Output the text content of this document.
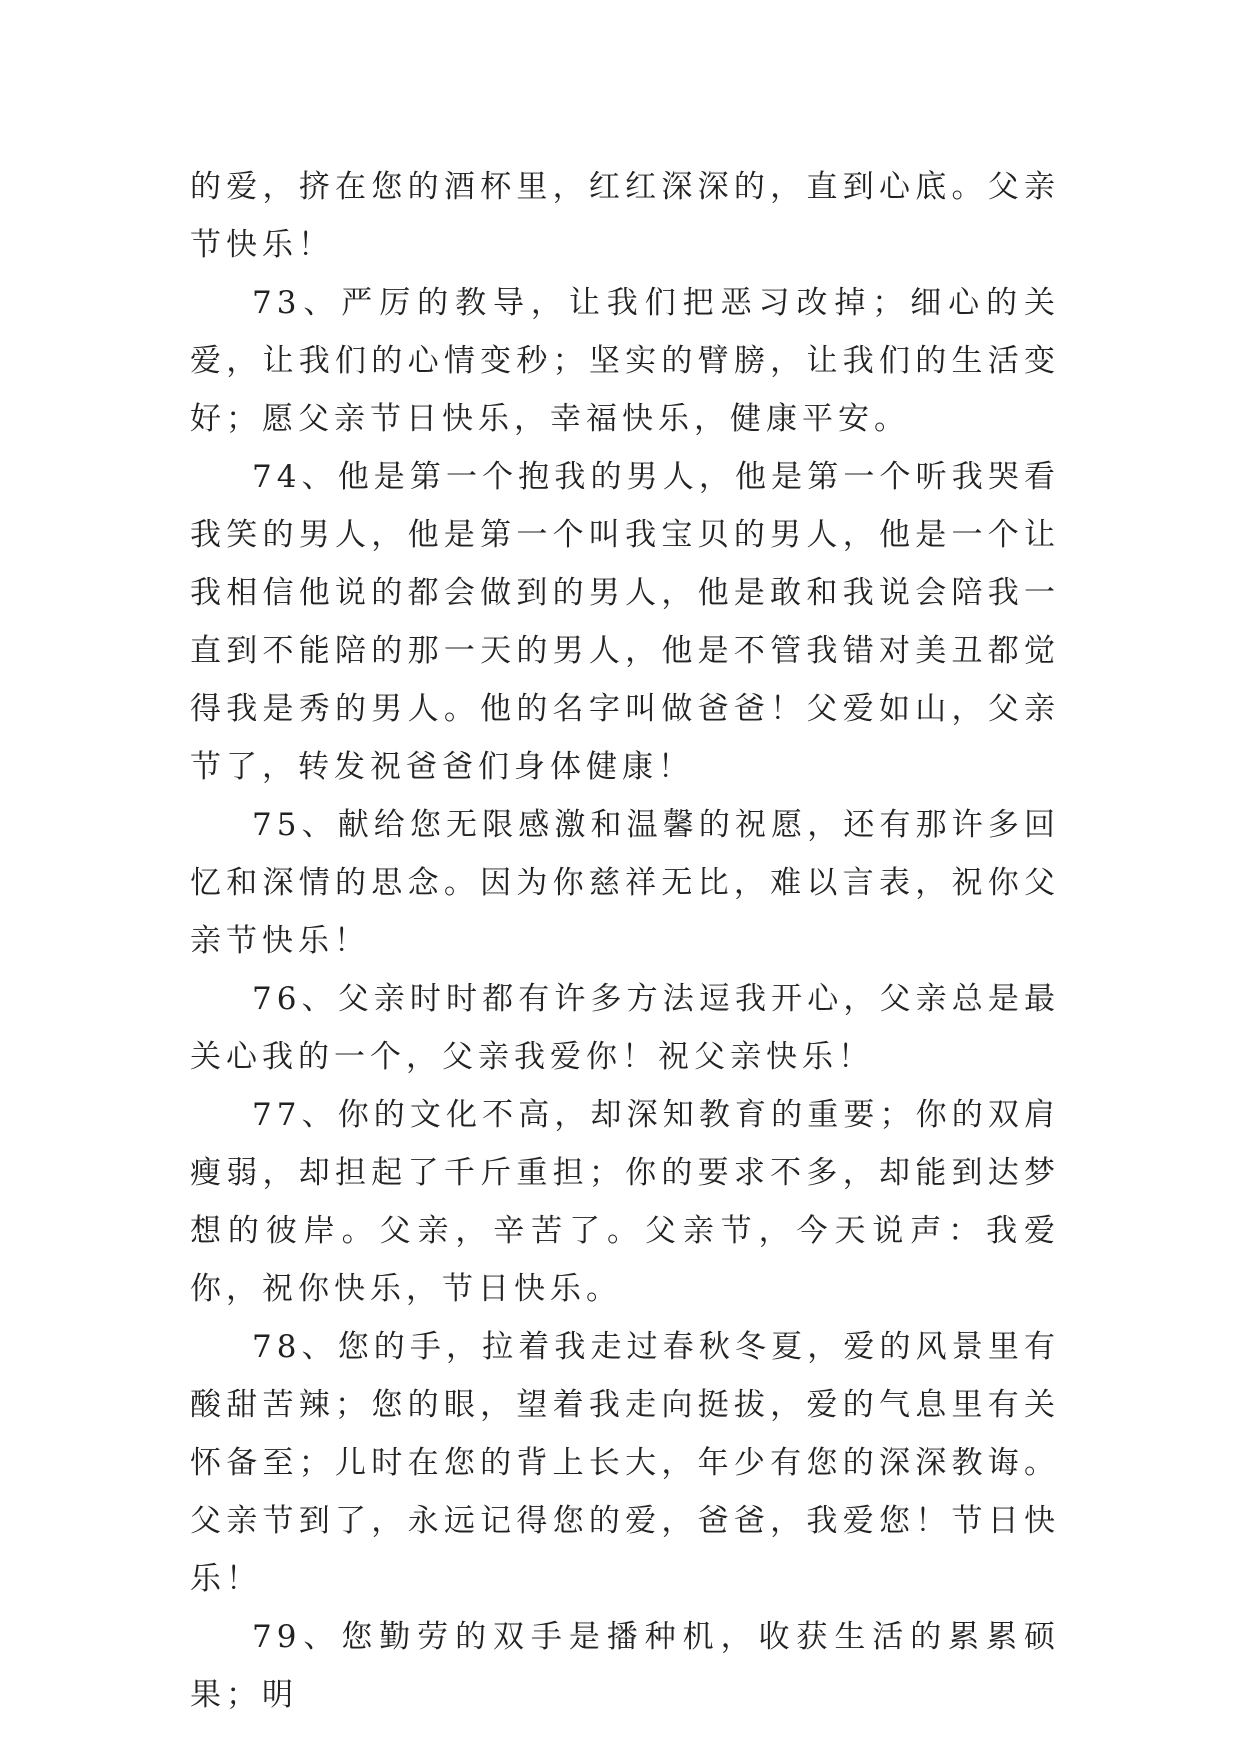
的爱，挤在您的酒杯里，红红深深的，直到心底。父亲节快乐！

73、严厉的教导，让我们把恶习改掉；细心的关爱，让我们的心情变秒；坚实的臂膀，让我们的生活变好；愿父亲节日快乐，幸福快乐，健康平安。

74、他是第一个抱我的男人，他是第一个听我哭看我笑的男人，他是第一个叫我宝贝的男人，他是一个让我相信他说的都会做到的男人，他是敢和我说会陪我一直到不能陪的那一天的男人，他是不管我错对美丑都觉得我是秀的男人。他的名字叫做爸爸！父爱如山，父亲节了，转发祝爸爸们身体健康！

75、献给您无限感激和温馨的祝愿，还有那许多回忆和深情的思念。因为你慈祥无比，难以言表，祝你父亲节快乐！

76、父亲时时都有许多方法逗我开心，父亲总是最关心我的一个，父亲我爱你！祝父亲快乐！

77、你的文化不高，却深知教育的重要；你的双肩瘦弱，却担起了千斤重担；你的要求不多，却能到达梦想的彼岸。父亲，辛苦了。父亲节，今天说声：我爱你，祝你快乐，节日快乐。

78、您的手，拉着我走过春秋冬夏，爱的风景里有酸甜苦辣；您的眼，望着我走向挺拔，爱的气息里有关怀备至；儿时在您的背上长大，年少有您的深深教诲。父亲节到了，永远记得您的爱，爸爸，我爱您！节日快乐！

79、您勤劳的双手是播种机，收获生活的累累硕果；明
